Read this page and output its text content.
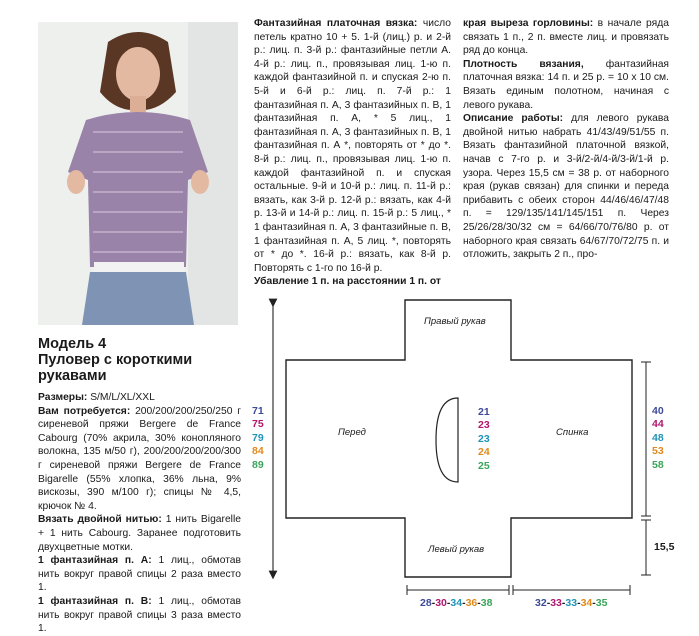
Модель 4
Пуловер с короткими рукавами

Размеры: S/M/L/XL/XXL

Вам потребуется: 200/200/200/250/250 г сиреневой пряжи Bergere de France Cabourg (70% акрила, 30% конопляного волокна, 135 м/50 г), 200/200/200/200/300 г сиреневой пряжи Bergere de France Bigarelle (55% хлопка, 36% льна, 9% вискозы, 390 м/100 г); спицы № 4,5, крючок № 4.

Вязать двойной нитью: 1 нить Bigarelle + 1 нить Cabourg. Заранее подготовить двухцветные мотки.

1 фантазийная п. А: 1 лиц., обмотав нить вокруг правой спицы 2 раза вместо 1.

1 фантазийная п. В: 1 лиц., обмотав нить вокруг правой спицы 3 раза вместо 1.

Фантазийная платочная вязка: число петель кратно 10 + 5. 1-й (лиц.) р. и 2-й р.: лиц. п. 3-й р.: фантазийные петли А. 4-й р.: лиц. п., провязывая лиц. 1-ю п. каждой фантазийной п. и спуская 2-ю п. 5-й и 6-й р.: лиц. п. 7-й р.: 1 фантазийная п. А, 3 фантазийных п. В, 1 фантазийная п. А, * 5 лиц., 1 фантазийная п. А, 3 фантазийных п. В, 1 фантазийная п. А *, повторять от * до *. 8-й р.: лиц. п., провязывая лиц. 1-ю п. каждой фантазийной п. и спуская остальные. 9-й и 10-й р.: лиц. п. 11-й р.: вязать, как 3-й р. 12-й р.: вязать, как 4-й р. 13-й и 14-й р.: лиц. п. 15-й р.: 5 лиц., * 1 фантазийная п. А, 3 фантазийные п. В, 1 фантазийная п. А, 5 лиц. *, повторять от * до *. 16-й р.: вязать, как 8-й р. Повторять с 1-го по 16-й р.

Убавление 1 п. на расстоянии 1 п. от

края выреза горловины: в начале ряда связать 1 п., 2 п. вместе лиц. и провязать ряд до конца.

Плотность вязания, фантазийная платочная вязка: 14 п. и 25 р. = 10 x 10 см. Вязать единым полотном, начиная с левого рукава.

Описание работы: для левого рукава двойной нитью набрать 41/43/49/51/55 п. Вязать фантазийной платочной вязкой, начав с 7-го р. и 3-й/2-й/4-й/3-й/1-й р. узора. Через 15,5 см = 38 р. от наборного края (рукав связан) для спинки и переда прибавить с обеих сторон 44/46/46/47/48 п. = 129/135/141/145/151 п. Через 25/26/28/30/32 см = 64/66/70/76/80 р. от наборного края связать 64/67/70/72/75 п. и отложить, закрыть 2 п., про-

Правый рукав
Левый рукав
Перед	Спинка
71
75
79
84
89
21
23
23
24
25
40
44
48
53
58
15,5
28-30-34-36-38	32-33-33-34-35
